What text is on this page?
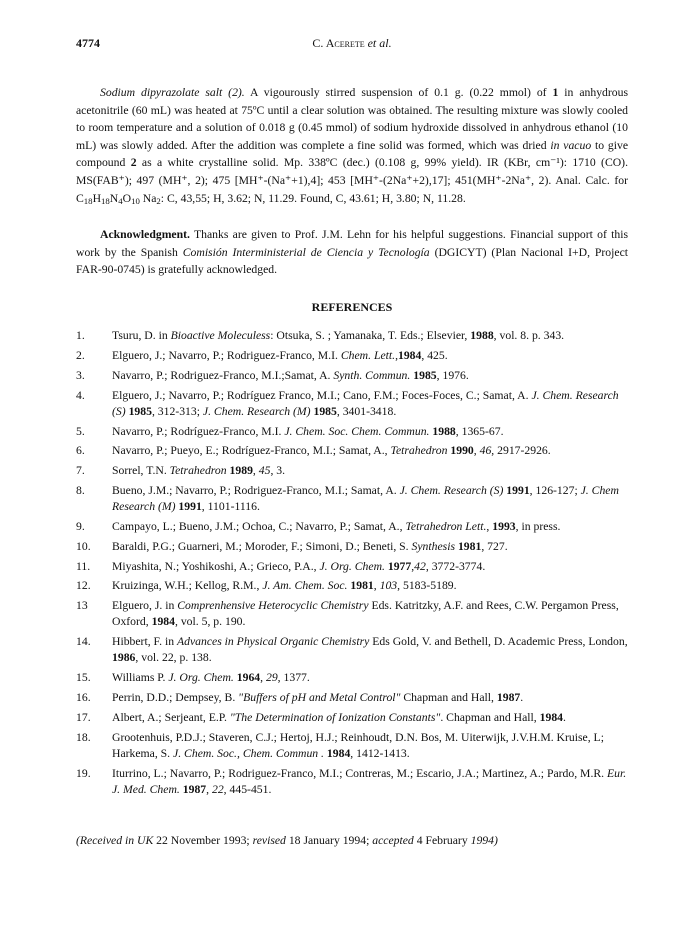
4774	C. Acerete et al.

Sodium dipyrazolate salt (2). A vigourously stirred suspension of 0.1 g. (0.22 mmol) of 1 in anhydrous acetonitrile (60 mL) was heated at 75ºC until a clear solution was obtained. The resulting mixture was slowly cooled to room temperature and a solution of 0.018 g (0.45 mmol) of sodium hydroxide dissolved in anhydrous ethanol (10 mL) was slowly added. After the addition was complete a fine solid was formed, which was dried in vacuo to give compound 2 as a white crystalline solid. Mp. 338ºC (dec.) (0.108 g, 99% yield). IR (KBr, cm⁻¹): 1710 (CO). MS(FAB⁺); 497 (MH⁺, 2); 475 [MH⁺-(Na⁺+1),4]; 453 [MH⁺-(2Na⁺+2),17]; 451(MH⁺-2Na⁺, 2). Anal. Calc. for C18H18N4O10 Na2: C, 43,55; H, 3.62; N, 11.29. Found, C, 43.61; H, 3.80; N, 11.28.

Acknowledgment. Thanks are given to Prof. J.M. Lehn for his helpful suggestions. Financial support of this work by the Spanish Comisión Interministerial de Ciencia y Tecnología (DGICYT) (Plan Nacional I+D, Project FAR-90-0745) is gratefully acknowledged.

REFERENCES
1. Tsuru, D. in Bioactive Moleculess: Otsuka, S. ; Yamanaka, T. Eds.; Elsevier, 1988, vol. 8. p. 343.
2. Elguero, J.; Navarro, P.; Rodriguez-Franco, M.I. Chem. Lett.,1984, 425.
3. Navarro, P.; Rodriguez-Franco, M.I.;Samat, A. Synth. Commun. 1985, 1976.
4. Elguero, J.; Navarro, P.; Rodríguez Franco, M.I.; Cano, F.M.; Foces-Foces, C.; Samat, A. J. Chem. Research (S) 1985, 312-313; J. Chem. Research (M) 1985, 3401-3418.
5. Navarro, P.; Rodríguez-Franco, M.I. J. Chem. Soc. Chem. Commun. 1988, 1365-67.
6. Navarro, P.; Pueyo, E.; Rodríguez-Franco, M.I.; Samat, A., Tetrahedron 1990, 46, 2917-2926.
7. Sorrel, T.N. Tetrahedron 1989, 45, 3.
8. Bueno, J.M.; Navarro, P.; Rodriguez-Franco, M.I.; Samat, A. J. Chem. Research (S) 1991, 126-127; J. Chem Research (M) 1991, 1101-1116.
9. Campayo, L.; Bueno, J.M.; Ochoa, C.; Navarro, P.; Samat, A., Tetrahedron Lett., 1993, in press.
10. Baraldi, P.G.; Guarneri, M.; Moroder, F.; Simoni, D.; Beneti, S. Synthesis 1981, 727.
11. Miyashita, N.; Yoshikoshi, A.; Grieco, P.A., J. Org. Chem. 1977,42, 3772-3774.
12. Kruizinga, W.H.; Kellog, R.M., J. Am. Chem. Soc. 1981, 103, 5183-5189.
13 Elguero, J. in Comprenhensive Heterocyclic Chemistry Eds. Katritzky, A.F. and Rees, C.W. Pergamon Press, Oxford, 1984, vol. 5, p. 190.
14. Hibbert, F. in Advances in Physical Organic Chemistry Eds Gold, V. and Bethell, D. Academic Press, London, 1986, vol. 22, p. 138.
15. Williams P. J. Org. Chem. 1964, 29, 1377.
16. Perrin, D.D.; Dempsey, B. "Buffers of pH and Metal Control" Chapman and Hall, 1987.
17. Albert, A.; Serjeant, E.P. "The Determination of Ionization Constants". Chapman and Hall, 1984.
18. Grootenhuis, P.D.J.; Staveren, C.J.; Hertoj, H.J.; Reinhoudt, D.N. Bos, M. Uiterwijk, J.V.H.M. Kruise, L; Harkema, S. J. Chem. Soc., Chem. Commun . 1984, 1412-1413.
19. Iturrino, L.; Navarro, P.; Rodriguez-Franco, M.I.; Contreras, M.; Escario, J.A.; Martinez, A.; Pardo, M.R. Eur. J. Med. Chem. 1987, 22, 445-451.
(Received in UK 22 November 1993; revised 18 January 1994; accepted 4 February 1994)
